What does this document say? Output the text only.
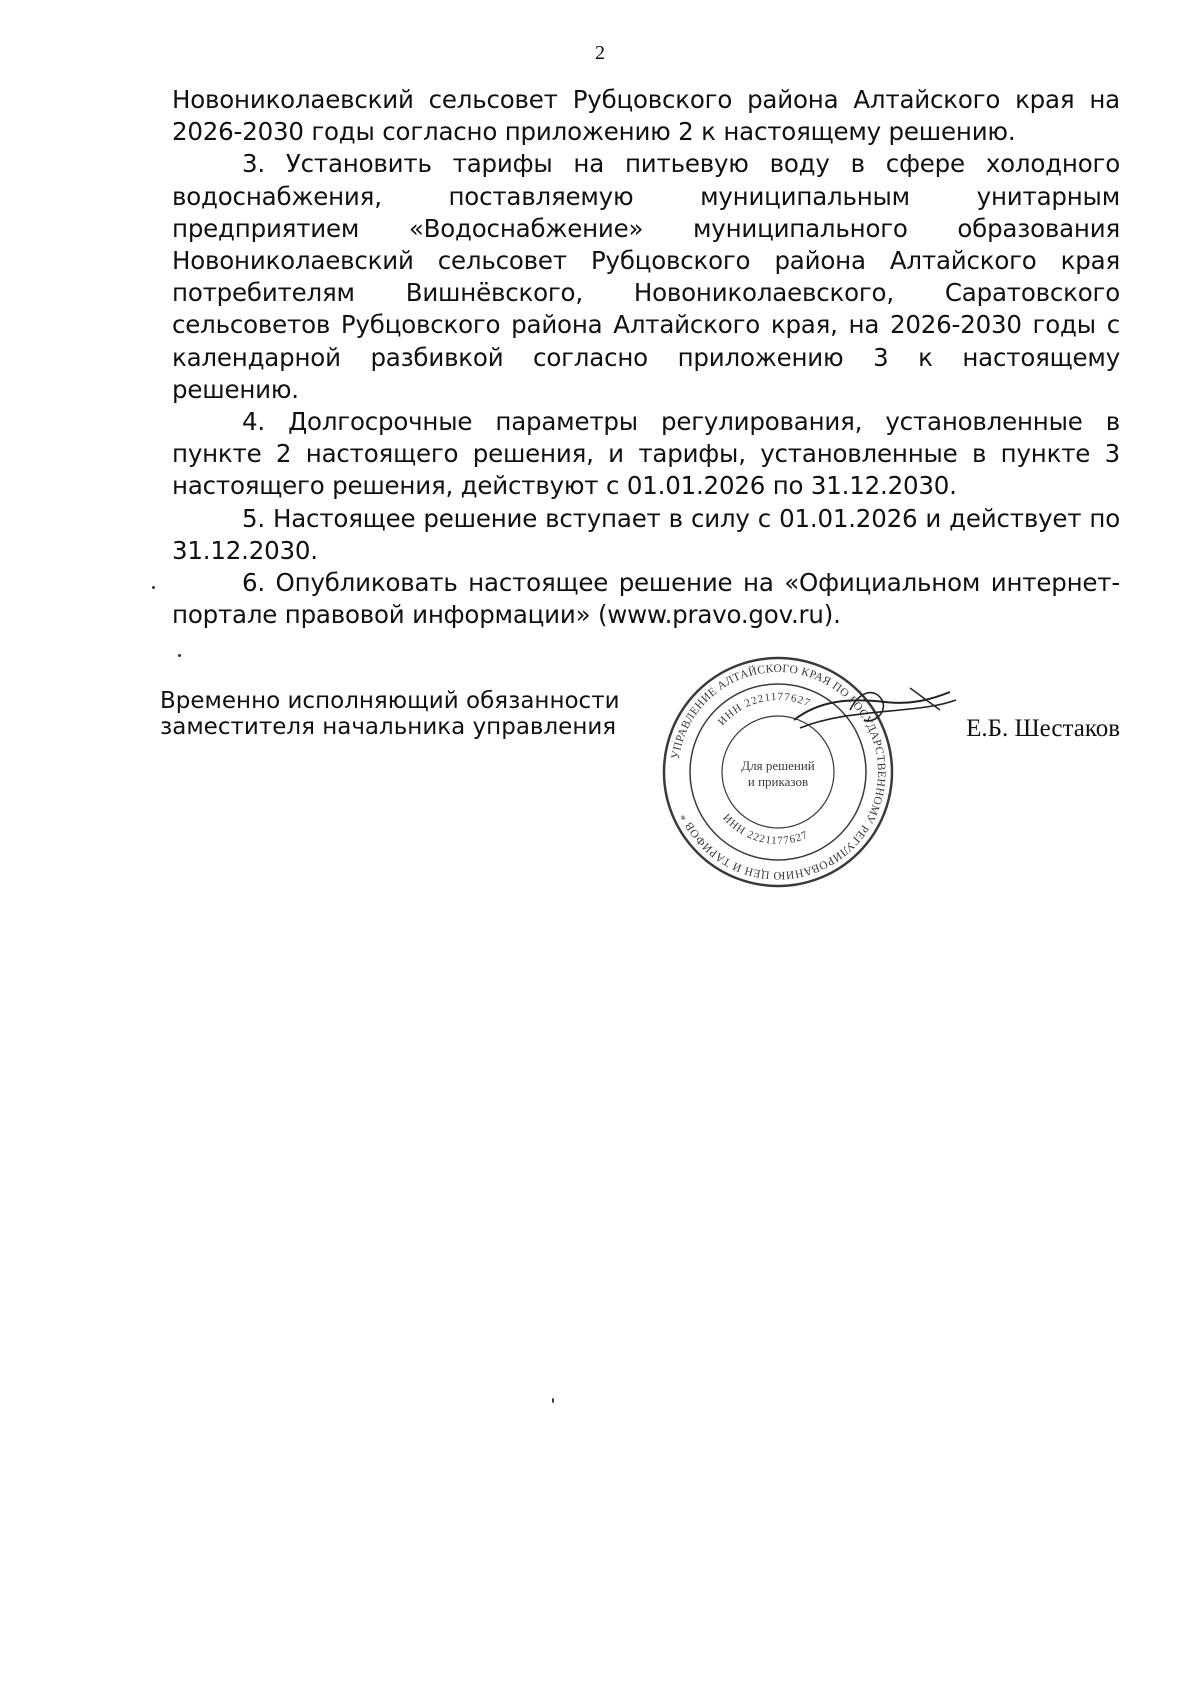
2

Новониколаевский сельсовет Рубцовского района Алтайского края на 2026-2030 годы согласно приложению 2 к настоящему решению.

3. Установить тарифы на питьевую воду в сфере холодного водоснабжения, поставляемую муниципальным унитарным предприятием «Водоснабжение» муниципального образования Новониколаевский сельсовет Рубцовского района Алтайского края потребителям Вишнёвского, Новониколаевского, Саратовского сельсоветов Рубцовского района Алтайского края, на 2026-2030 годы с календарной разбивкой согласно приложению 3 к настоящему решению.

4. Долгосрочные параметры регулирования, установленные в пункте 2 настоящего решения, и тарифы, установленные в пункте 3 настоящего решения, действуют с 01.01.2026 по 31.12.2030.

5. Настоящее решение вступает в силу с 01.01.2026 и действует по 31.12.2030.

6. Опубликовать настоящее решение на «Официальном интернет-портале правовой информации» (www.pravo.gov.ru).

Временно исполняющий обязанности
заместителя начальника управления
УПРАВЛЕНИЕ АЛТАЙСКОГО КРАЯ ПО ГОСУДАРСТВЕННОМУ РЕГУЛИРОВАНИЮ ЦЕН И ТАРИФОВ *
ИНН 2221177627
ИНН 2221177627
Для решений
и приказов
Е.Б. Шестаков
